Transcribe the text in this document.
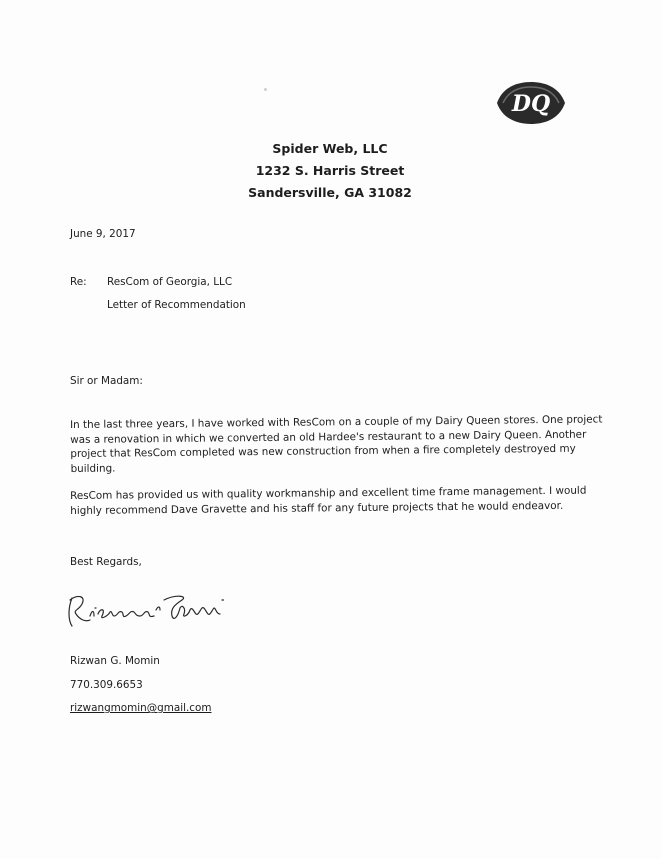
DQ
Spider Web, LLC
1232 S. Harris Street
Sandersville, GA 31082
June 9, 2017
Re: ResCom of Georgia, LLC
Letter of Recommendation
Sir or Madam:
In the last three years, I have worked with ResCom on a couple of my Dairy Queen stores. One project
was a renovation in which we converted an old Hardee's restaurant to a new Dairy Queen. Another
project that ResCom completed was new construction from when a fire completely destroyed my
building.
ResCom has provided us with quality workmanship and excellent time frame management. I would
highly recommend Dave Gravette and his staff for any future projects that he would endeavor.
Best Regards,
Rizwan G. Momin
770.309.6653
rizwangmomin@gmail.com
